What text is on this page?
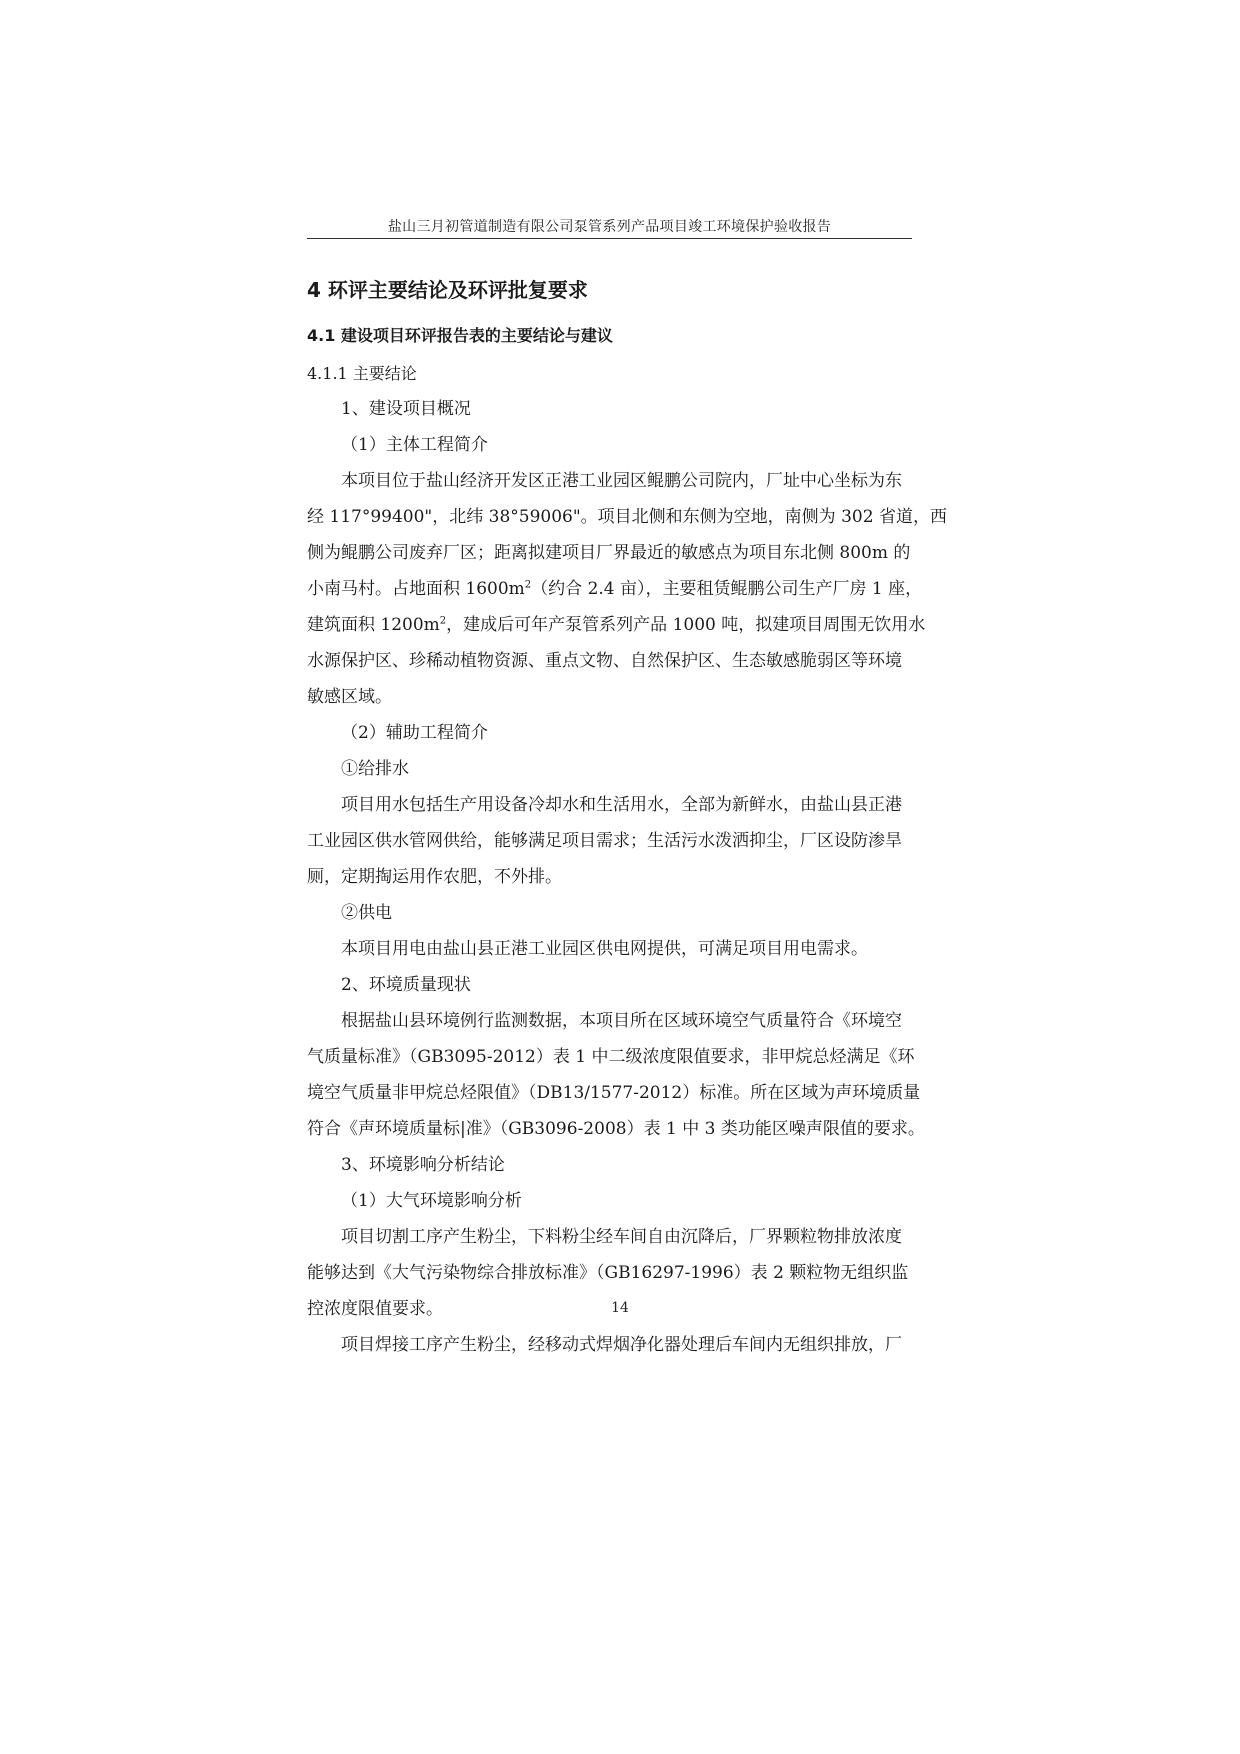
盐山三月初管道制造有限公司泵管系列产品项目竣工环境保护验收报告
4 环评主要结论及环评批复要求
4.1 建设项目环评报告表的主要结论与建议
4.1.1 主要结论
1、建设项目概况
（1）主体工程简介
本项目位于盐山经济开发区正港工业园区鲲鹏公司院内，厂址中心坐标为东
经 117°99400"，北纬 38°59006"。项目北侧和东侧为空地，南侧为 302 省道，西
侧为鲲鹏公司废弃厂区；距离拟建项目厂界最近的敏感点为项目东北侧 800m 的
小南马村。占地面积 $1600m^2$（约合 2.4 亩），主要租赁鲲鹏公司生产厂房 1 座，
建筑面积 $1200m^2$，建成后可年产泵管系列产品 1000 吨，拟建项目周围无饮用水
水源保护区、珍稀动植物资源、重点文物、自然保护区、生态敏感脆弱区等环境
敏感区域。
（2）辅助工程简介
①给排水
项目用水包括生产用设备冷却水和生活用水，全部为新鲜水，由盐山县正港
工业园区供水管网供给，能够满足项目需求；生活污水泼洒抑尘，厂区设防渗旱
厕，定期掏运用作农肥，不外排。
②供电
本项目用电由盐山县正港工业园区供电网提供，可满足项目用电需求。
2、环境质量现状
根据盐山县环境例行监测数据，本项目所在区域环境空气质量符合《环境空
气质量标准》（GB3095-2012）表 1 中二级浓度限值要求，非甲烷总烃满足《环
境空气质量非甲烷总烃限值》（DB13/1577-2012）标准。所在区域为声环境质量
符合《声环境质量标|准》（GB3096-2008）表 1 中 3 类功能区噪声限值的要求。
3、环境影响分析结论
（1）大气环境影响分析
项目切割工序产生粉尘，下料粉尘经车间自由沉降后，厂界颗粒物排放浓度
能够达到《大气污染物综合排放标准》（GB16297-1996）表 2 颗粒物无组织监
控浓度限值要求。
项目焊接工序产生粉尘，经移动式焊烟净化器处理后车间内无组织排放，厂
14
